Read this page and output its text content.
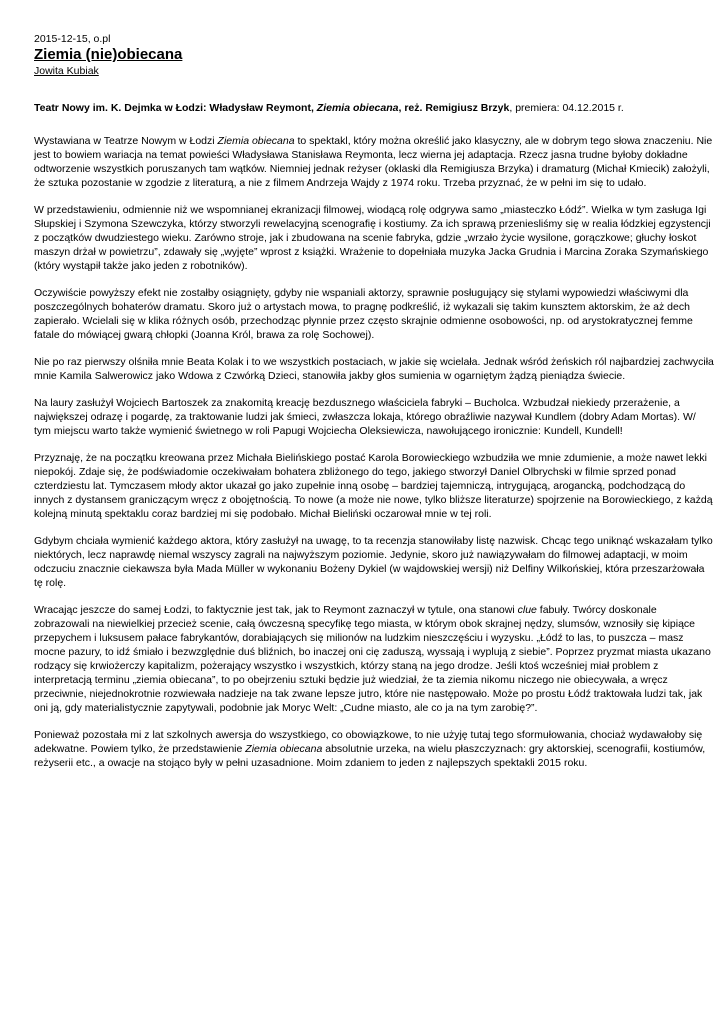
2015-12-15, o.pl
Ziemia (nie)obiecana
Jowita Kubiak
Teatr Nowy im. K. Dejmka w Łodzi: Władysław Reymont, Ziemia obiecana, reż. Remigiusz Brzyk, premiera: 04.12.2015 r.

Wystawiana w Teatrze Nowym w Łodzi Ziemia obiecana to spektakl, który można określić jako klasyczny, ale w dobrym tego słowa znaczeniu. Nie jest to bowiem wariacja na temat powieści Władysława Stanisława Reymonta, lecz wierna jej adaptacja. Rzecz jasna trudne byłoby dokładne odtworzenie wszystkich poruszanych tam wątków. Niemniej jednak reżyser (oklaski dla Remigiusza Brzyka) i dramaturg (Michał Kmiecik) założyli, że sztuka pozostanie w zgodzie z literaturą, a nie z filmem Andrzeja Wajdy z 1974 roku. Trzeba przyznać, że w pełni im się to udało.

W przedstawieniu, odmiennie niż we wspomnianej ekranizacji filmowej, wiodącą rolę odgrywa samo „miasteczko Łódź”. Wielka w tym zasługa Igi Słupskiej i Szymona Szewczyka, którzy stworzyli rewelacyjną scenografię i kostiumy. Za ich sprawą przeniesliśmy się w realia łódzkiej egzystencji z początków dwudziestego wieku. Zarówno stroje, jak i zbudowana na scenie fabryka, gdzie „wrzało życie wysilone, gorączkowe; głuchy łoskot maszyn drżał w powietrzu”, zdawały się „wyjęte” wprost z książki. Wrażenie to dopełniała muzyka Jacka Grudnia i Marcina Zoraka Szymańskiego (który wystąpił także jako jeden z robotników).

Oczywiście powyższy efekt nie zostałby osiągnięty, gdyby nie wspaniali aktorzy, sprawnie posługujący się stylami wypowiedzi właściwymi dla poszczególnych bohaterów dramatu. Skoro już o artystach mowa, to pragnę podkreślić, iż wykazali się takim kunsztem aktorskim, że aż dech zapierało. Wcielali się w klika różnych osób, przechodząc płynnie przez często skrajnie odmienne osobowości, np. od arystokratycznej femme fatale do mówiącej gwarą chłopki (Joanna Król, brawa za rolę Sochowej).

Nie po raz pierwszy olśniła mnie Beata Kolak i to we wszystkich postaciach, w jakie się wcielała. Jednak wśród żeńskich ról najbardziej zachwyciła mnie Kamila Salwerowicz jako Wdowa z Czwórką Dzieci, stanowiła jakby głos sumienia w ogarniętym żądzą pieniądza świecie.

Na laury zasłużył Wojciech Bartoszek za znakomitą kreację bezdusznego właściciela fabryki – Bucholca. Wzbudzał niekiedy przerażenie, a największej odrazę i pogardę, za traktowanie ludzi jak śmieci, zwłaszcza lokaja, którego obraźliwie nazywał Kundlem (dobry Adam Mortas). W/ tym miejscu warto także wymienić świetnego w roli Papugi Wojciecha Oleksiewicza, nawołującego ironicznie: Kundell, Kundell!

Przyznaję, że na początku kreowana przez Michała Bielińskiego postać Karola Borowieckiego wzbudziła we mnie zdumienie, a może nawet lekki niepokój. Zdaje się, że podświadomie oczekiwałam bohatera zbliżonego do tego, jakiego stworzył Daniel Olbrychski w filmie sprzed ponad czterdziestu lat. Tymczasem młody aktor ukazał go jako zupełnie inną osobę – bardziej tajemniczą, intrygującą, arogancką, podchodzącą do innych z dystansem graniczącym wręcz z obojętnością. To nowe (a może nie nowe, tylko bliższe literaturze) spojrzenie na Borowieckiego, z każdą kolejną minutą spektaklu coraz bardziej mi się podobało. Michał Bieliński oczarował mnie w tej roli.

Gdybym chciała wymienić każdego aktora, który zasłużył na uwagę, to ta recenzja stanowiłaby listę nazwisk. Chcąc tego uniknąć wskazałam tylko niektórych, lecz naprawdę niemal wszyscy zagrali na najwyższym poziomie. Jedynie, skoro już nawiązywałam do filmowej adaptacji, w moim odczuciu znacznie ciekawsza była Mada Müller w wykonaniu Bożeny Dykiel (w wajdowskiej wersji) niż Delfiny Wilkońskiej, która przeszarżowała tę rolę.

Wracając jeszcze do samej Łodzi, to faktycznie jest tak, jak to Reymont zaznaczył w tytule, ona stanowi clue fabuły. Twórcy doskonale zobrazowali na niewielkiej przecież scenie, całą ówczesną specyfikę tego miasta, w którym obok skrajnej nędzy, slumsów, wznosiły się kipiące przepychem i luksusem pałace fabrykantów, dorabiających się milionów na ludzkim nieszczęściu i wyzysku. „Łódź to las, to puszcza – masz mocne pazury, to idź śmiało i bezwzględnie duś bliźnich, bo inaczej oni cię zaduszą, wyssają i wyplują z siebie”. Poprzez pryzmat miasta ukazano rodzący się krwiożerczy kapitalizm, pożerający wszystko i wszystkich, którzy staną na jego drodze. Jeśli ktoś wcześniej miał problem z interpretacją terminu „ziemia obiecana”, to po obejrzeniu sztuki będzie już wiedział, że ta ziemia nikomu niczego nie obiecywała, a wręcz przeciwnie, niejednokrotnie rozwiewała nadzieje na tak zwane lepsze jutro, które nie następowało. Może po prostu Łódź traktowała ludzi tak, jak oni ją, gdy materialistycznie zapytywali, podobnie jak Moryc Welt: „Cudne miasto, ale co ja na tym zarobię?”.

Ponieważ pozostała mi z lat szkolnych awersja do wszystkiego, co obowiązkowe, to nie użyję tutaj tego sformułowania, chociaż wydawałoby się adekwatne. Powiem tylko, że przedstawienie Ziemia obiecana absolutnie urzeka, na wielu płaszczyznach: gry aktorskiej, scenografii, kostiumów, reżyserii etc., a owacje na stojąco były w pełni uzasadnione. Moim zdaniem to jeden z najlepszych spektakli 2015 roku.
